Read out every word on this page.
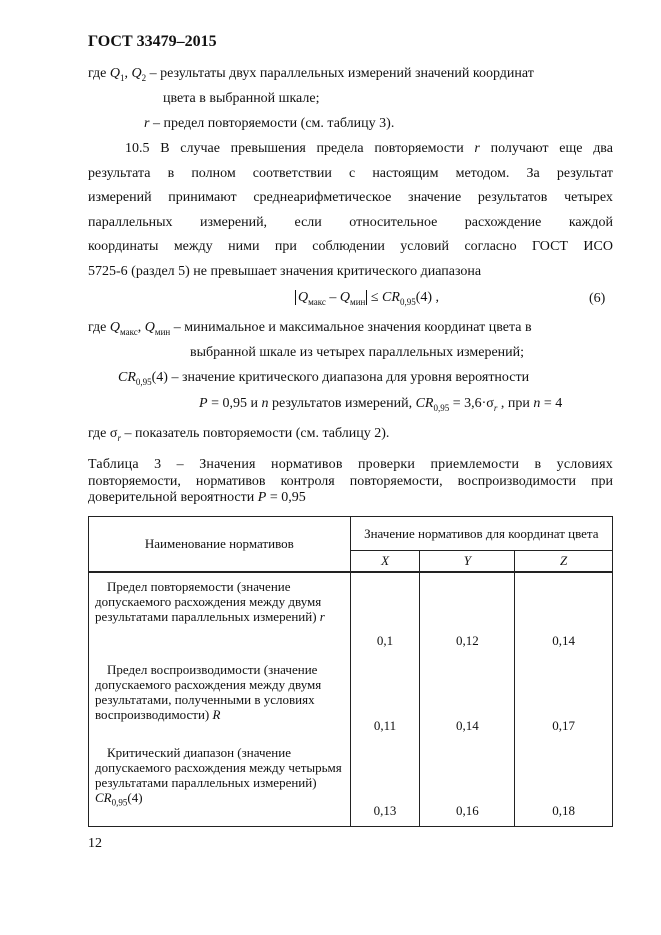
ГОСТ 33479–2015
где $Q_1$, $Q_2$ – результаты двух параллельных измерений значений координат
цвета в выбранной шкале;
r – предел повторяемости (см. таблицу 3).
10.5 В случае превышения предела повторяемости r получают еще два
результата в полном соответствии с настоящим методом. За результат
измерений принимают среднеарифметическое значение результатов четырех
параллельных измерений, если относительное расхождение каждой
координаты между ними при соблюдении условий согласно ГОСТ ИСО
5725-6 (раздел 5) не превышает значения критического диапазона
$Q_{макс} - Q_{мин} \le CR_{0,95}(4)$ ,	(6)
где $Q_{макс}$, $Q_{мин}$ – минимальное и максимальное значения координат цвета в
выбранной шкале из четырех параллельных измерений;
$CR_{0,95}(4)$ – значение критического диапазона для уровня вероятности
P = 0,95 и n результатов измерений, $CR_{0,95} = 3,6\cdot\sigma_r$ , при n = 4
где $\sigma_r$ – показатель повторяемости (см. таблицу 2).
Таблица 3 – Значения нормативов проверки приемлемости в условиях
повторяемости, нормативов контроля повторяемости, воспроизводимости при
доверительной вероятности P = 0,95
Наименование нормативов	Значение нормативов для координат цвета		
	X	Y	Z
Предел повторяемости (значение допускаемого расхождения между двумя результатами параллельных измерений) r	0,1	0,12	0,14
Предел воспроизводимости (значение допускаемого расхождения между двумя результатами, полученными в условиях воспроизводимости) R	0,11	0,14	0,17
Критический диапазон (значение допускаемого расхождения между четырьмя результатами параллельных измерений) $CR_{0,95}(4)$	0,13	0,16	0,18
12
